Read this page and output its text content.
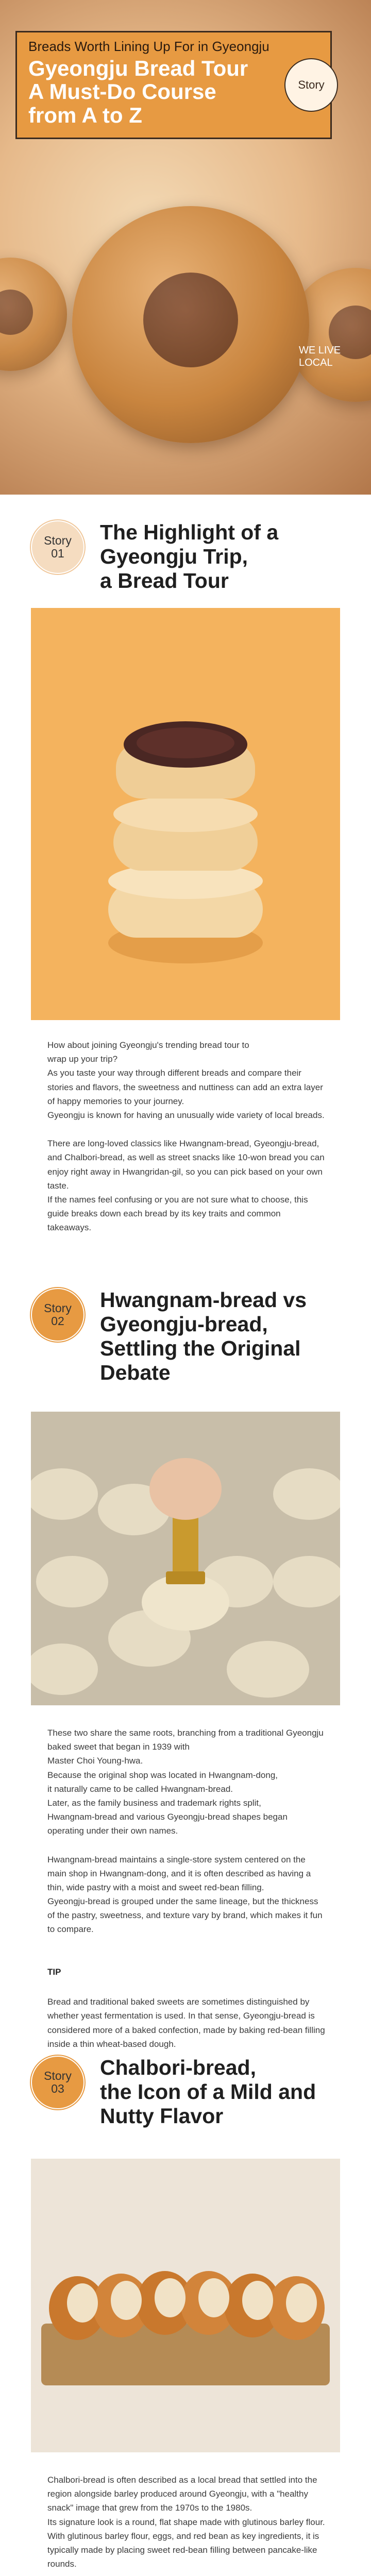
Breads Worth Lining Up For in Gyeongju
Gyeongju Bread Tour
A Must-Do Course
from A to Z
Story
WE LIVE
LOCAL
Story
01
The Highlight of a
Gyeongju Trip,
a Bread Tour

How about joining Gyeongju's trending bread tour to
wrap up your trip?
As you taste your way through different breads and compare their stories and flavors, the sweetness and nuttiness can add an extra layer of happy memories to your journey.
Gyeongju is known for having an unusually wide variety of local breads.

There are long-loved classics like Hwangnam-bread, Gyeongju-bread, and Chalbori-bread, as well as street snacks like 10-won bread you can enjoy right away in Hwangridan-gil, so you can pick based on your own taste.
If the names feel confusing or you are not sure what to choose, this guide breaks down each bread by its key traits and common takeaways.

Story
02
Hwangnam-bread vs
Gyeongju-bread,
Settling the Original
Debate

These two share the same roots, branching from a traditional Gyeongju baked sweet that began in 1939 with
Master Choi Young-hwa.
Because the original shop was located in Hwangnam-dong,
it naturally came to be called Hwangnam-bread.
Later, as the family business and trademark rights split,
Hwangnam-bread and various Gyeongju-bread shapes began operating under their own names.

Hwangnam-bread maintains a single-store system centered on the main shop in Hwangnam-dong, and it is often described as having a thin, wide pastry with a moist and sweet red-bean filling.
Gyeongju-bread is grouped under the same lineage, but the thickness of the pastry, sweetness, and texture vary by brand, which makes it fun to compare.

TIP

Bread and traditional baked sweets are sometimes distinguished by whether yeast fermentation is used. In that sense, Gyeongju-bread is considered more of a baked confection, made by baking red-bean filling inside a thin wheat-based dough.

Story
03
Chalbori-bread,
the Icon of a Mild and
Nutty Flavor

Chalbori-bread is often described as a local bread that settled into the region alongside barley produced around Gyeongju, with a "healthy snack" image that grew from the 1970s to the 1980s.
Its signature look is a round, flat shape made with glutinous barley flour. With glutinous barley flour, eggs, and red bean as key ingredients, it is typically made by placing sweet red-bean filling between pancake-like rounds.
